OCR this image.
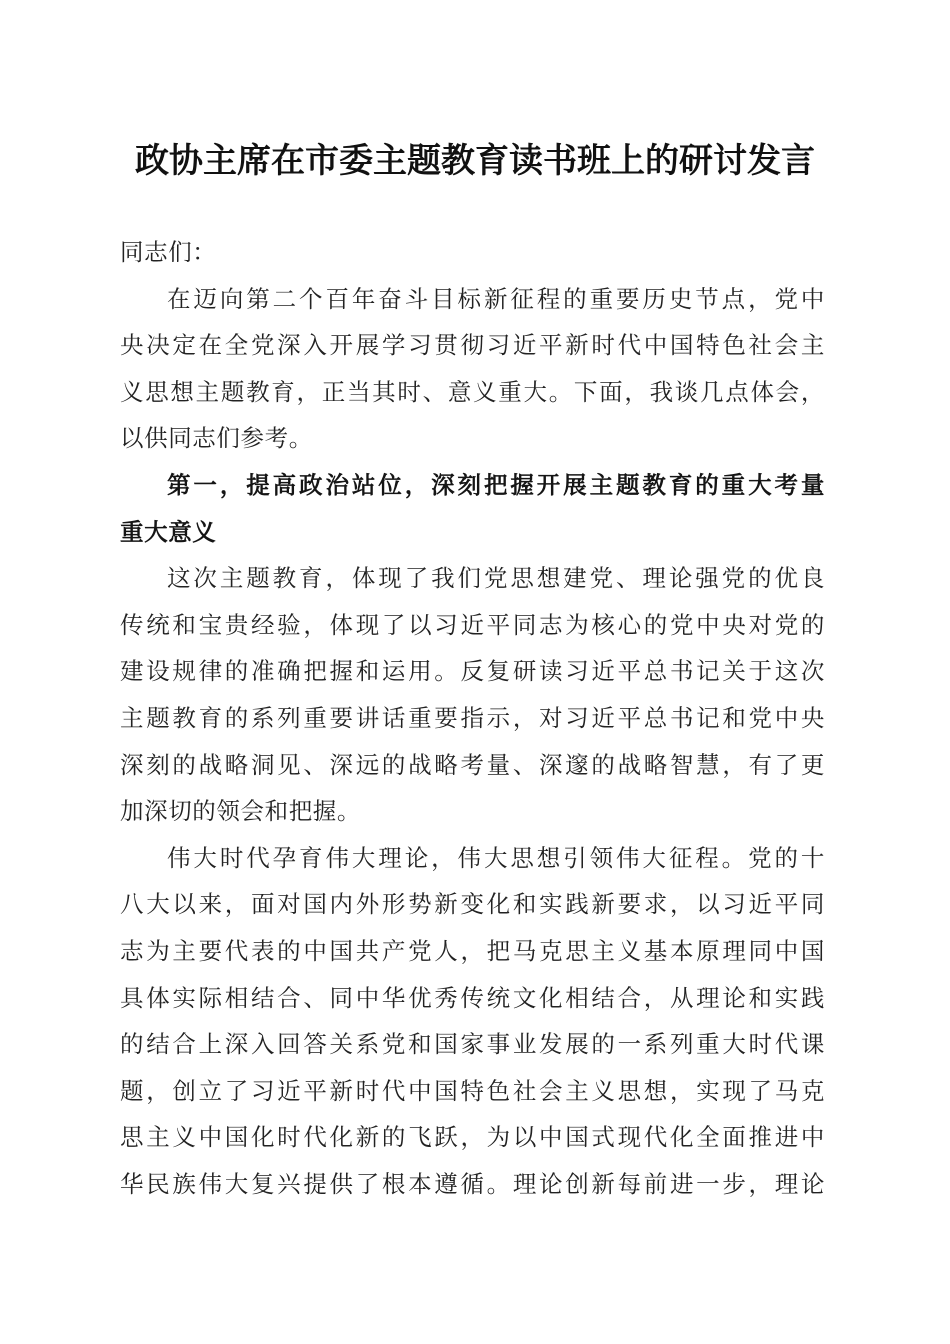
政协主席在市委主题教育读书班上的研讨发言

同志们：

在迈向第二个百年奋斗目标新征程的重要历史节点，党中
央决定在全党深入开展学习贯彻习近平新时代中国特色社会主
义思想主题教育，正当其时、意义重大。下面，我谈几点体会，
以供同志们参考。

第一，提高政治站位，深刻把握开展主题教育的重大考量
重大意义

这次主题教育，体现了我们党思想建党、理论强党的优良
传统和宝贵经验，体现了以习近平同志为核心的党中央对党的
建设规律的准确把握和运用。反复研读习近平总书记关于这次
主题教育的系列重要讲话重要指示，对习近平总书记和党中央
深刻的战略洞见、深远的战略考量、深邃的战略智慧，有了更
加深切的领会和把握。

伟大时代孕育伟大理论，伟大思想引领伟大征程。党的十
八大以来，面对国内外形势新变化和实践新要求，以习近平同
志为主要代表的中国共产党人，把马克思主义基本原理同中国
具体实际相结合、同中华优秀传统文化相结合，从理论和实践
的结合上深入回答关系党和国家事业发展的一系列重大时代课
题，创立了习近平新时代中国特色社会主义思想，实现了马克
思主义中国化时代化新的飞跃，为以中国式现代化全面推进中
华民族伟大复兴提供了根本遵循。理论创新每前进一步，理论
